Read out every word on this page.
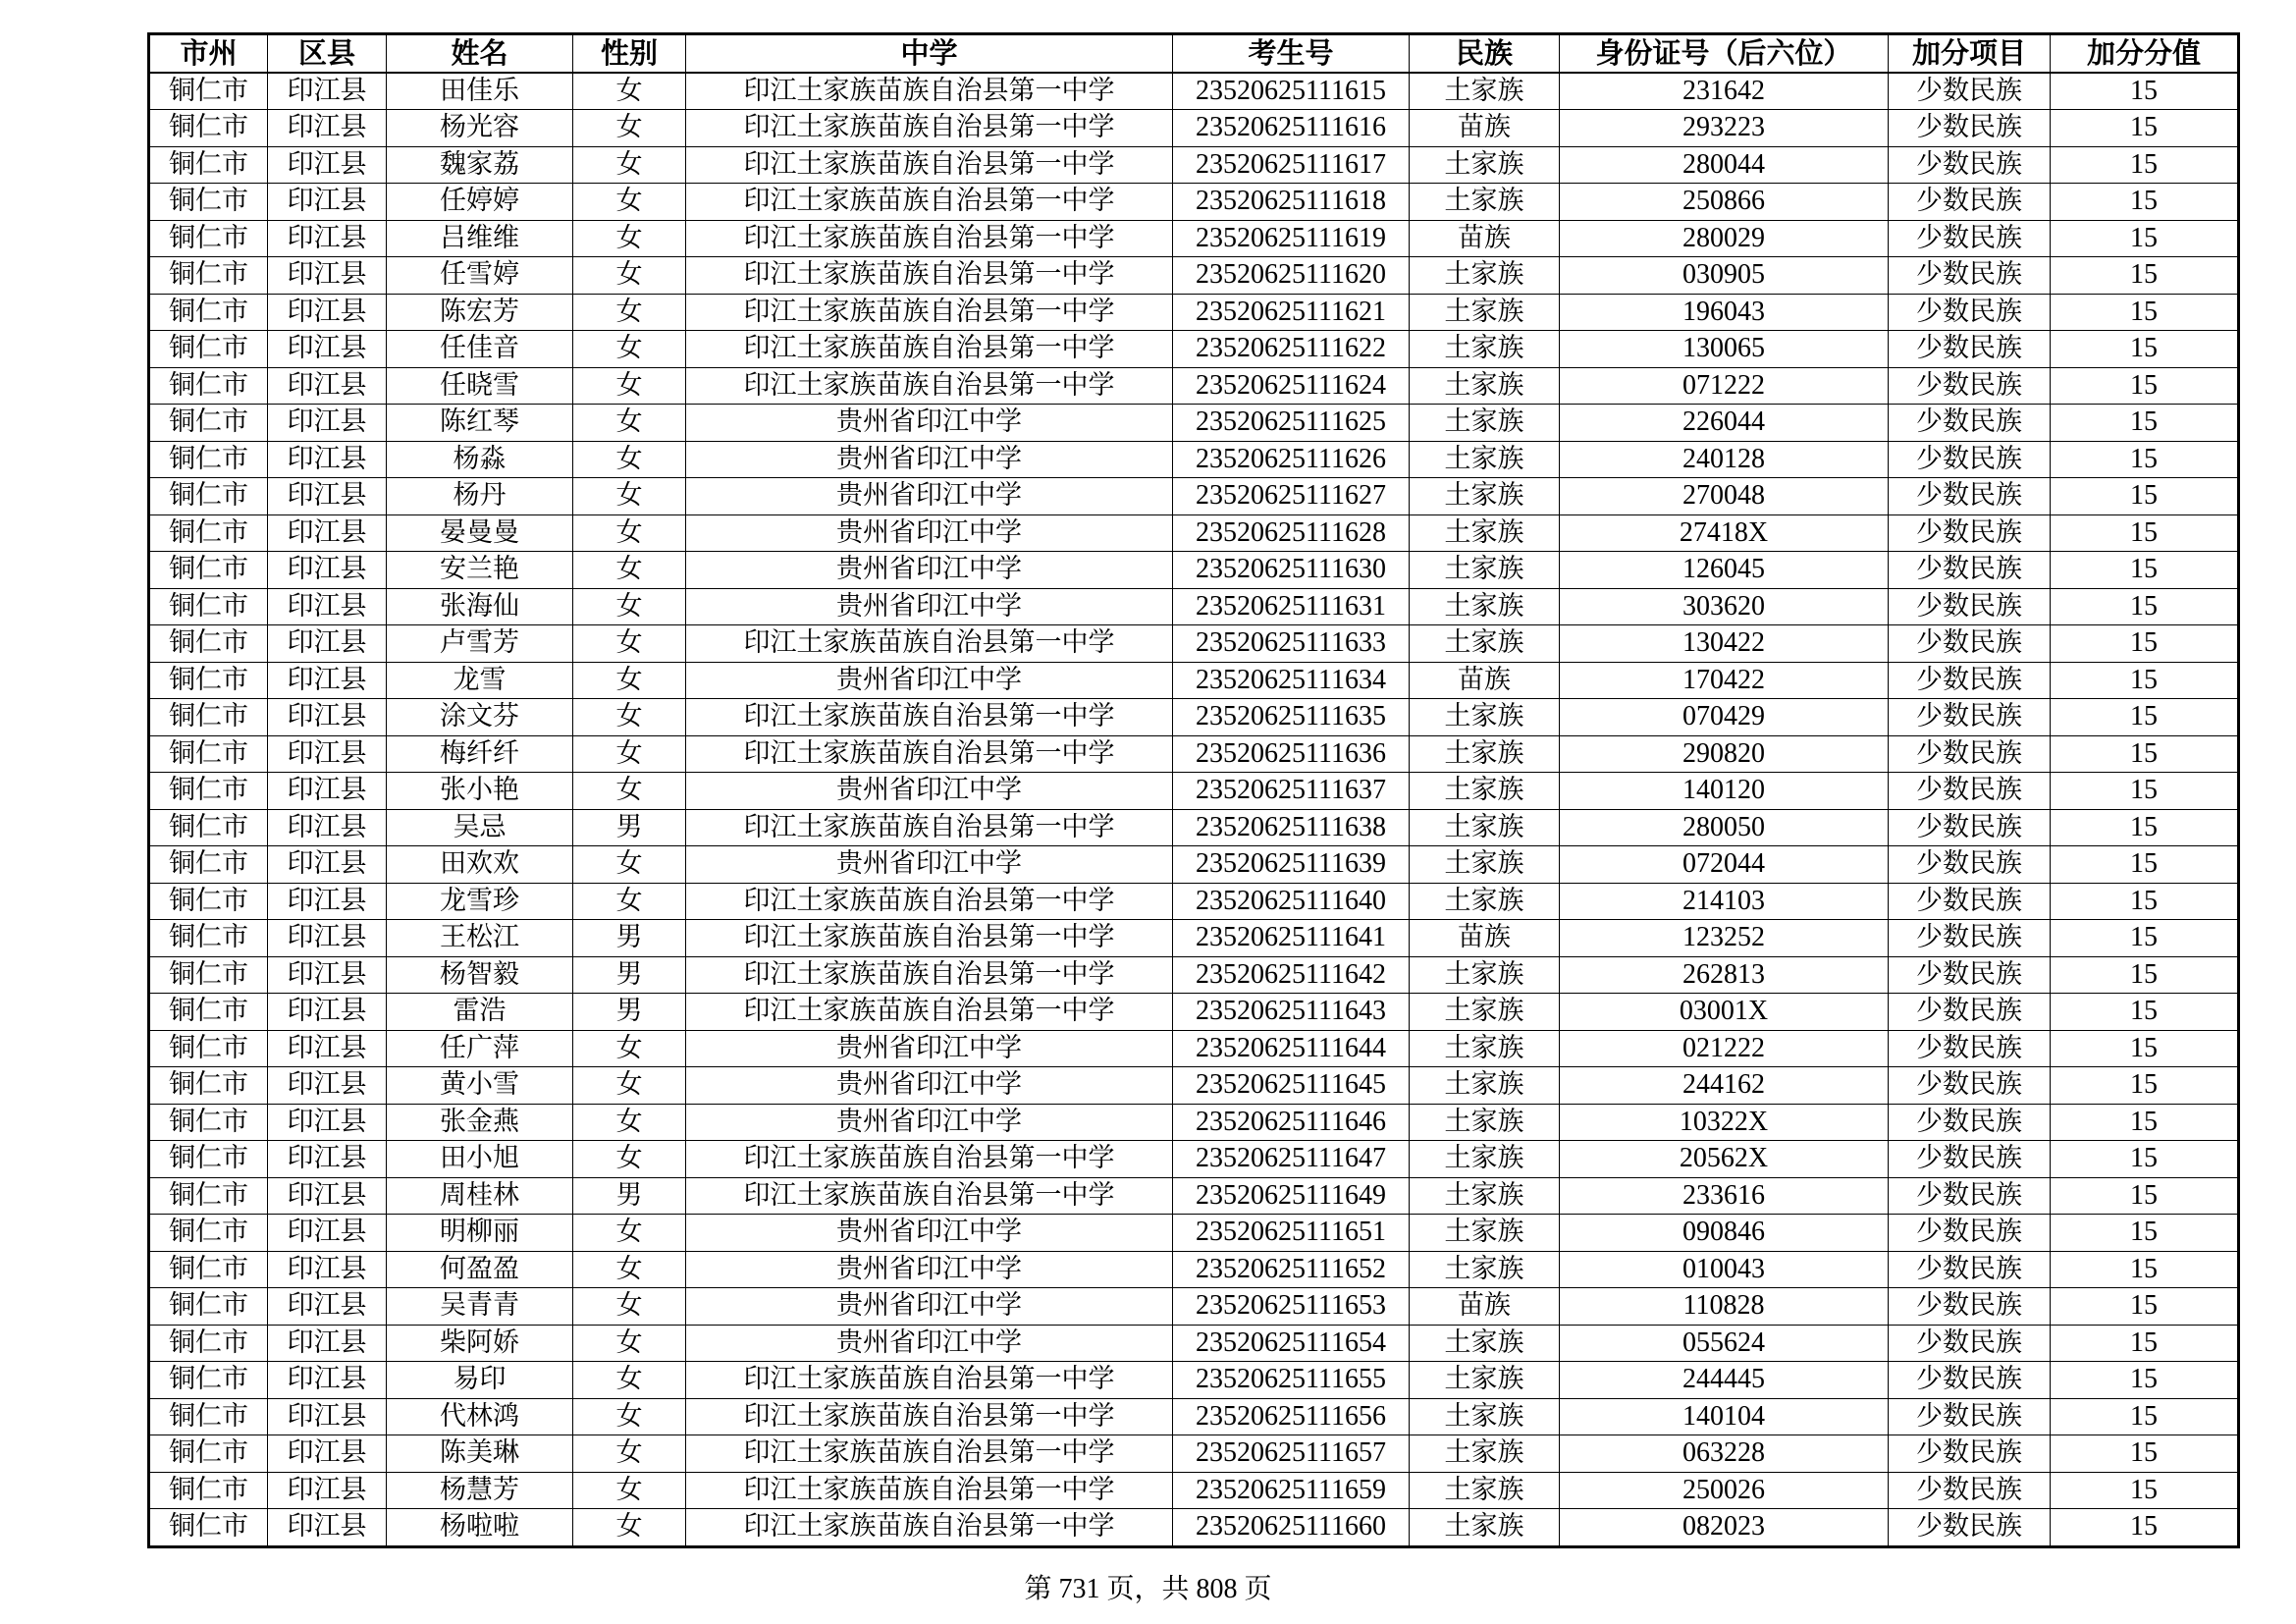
市州	区县	姓名	性别	中学	考生号	民族	身份证号（后六位）	加分项目	加分分值
铜仁市	印江县	田佳乐	女	印江土家族苗族自治县第一中学	23520625111615	土家族	231642	少数民族	15
铜仁市	印江县	杨光容	女	印江土家族苗族自治县第一中学	23520625111616	苗族	293223	少数民族	15
铜仁市	印江县	魏家荔	女	印江土家族苗族自治县第一中学	23520625111617	土家族	280044	少数民族	15
铜仁市	印江县	任婷婷	女	印江土家族苗族自治县第一中学	23520625111618	土家族	250866	少数民族	15
铜仁市	印江县	吕维维	女	印江土家族苗族自治县第一中学	23520625111619	苗族	280029	少数民族	15
铜仁市	印江县	任雪婷	女	印江土家族苗族自治县第一中学	23520625111620	土家族	030905	少数民族	15
铜仁市	印江县	陈宏芳	女	印江土家族苗族自治县第一中学	23520625111621	土家族	196043	少数民族	15
铜仁市	印江县	任佳音	女	印江土家族苗族自治县第一中学	23520625111622	土家族	130065	少数民族	15
铜仁市	印江县	任晓雪	女	印江土家族苗族自治县第一中学	23520625111624	土家族	071222	少数民族	15
铜仁市	印江县	陈红琴	女	贵州省印江中学	23520625111625	土家族	226044	少数民族	15
铜仁市	印江县	杨淼	女	贵州省印江中学	23520625111626	土家族	240128	少数民族	15
铜仁市	印江县	杨丹	女	贵州省印江中学	23520625111627	土家族	270048	少数民族	15
铜仁市	印江县	晏曼曼	女	贵州省印江中学	23520625111628	土家族	27418X	少数民族	15
铜仁市	印江县	安兰艳	女	贵州省印江中学	23520625111630	土家族	126045	少数民族	15
铜仁市	印江县	张海仙	女	贵州省印江中学	23520625111631	土家族	303620	少数民族	15
铜仁市	印江县	卢雪芳	女	印江土家族苗族自治县第一中学	23520625111633	土家族	130422	少数民族	15
铜仁市	印江县	龙雪	女	贵州省印江中学	23520625111634	苗族	170422	少数民族	15
铜仁市	印江县	涂文芬	女	印江土家族苗族自治县第一中学	23520625111635	土家族	070429	少数民族	15
铜仁市	印江县	梅纤纤	女	印江土家族苗族自治县第一中学	23520625111636	土家族	290820	少数民族	15
铜仁市	印江县	张小艳	女	贵州省印江中学	23520625111637	土家族	140120	少数民族	15
铜仁市	印江县	吴忌	男	印江土家族苗族自治县第一中学	23520625111638	土家族	280050	少数民族	15
铜仁市	印江县	田欢欢	女	贵州省印江中学	23520625111639	土家族	072044	少数民族	15
铜仁市	印江县	龙雪珍	女	印江土家族苗族自治县第一中学	23520625111640	土家族	214103	少数民族	15
铜仁市	印江县	王松江	男	印江土家族苗族自治县第一中学	23520625111641	苗族	123252	少数民族	15
铜仁市	印江县	杨智毅	男	印江土家族苗族自治县第一中学	23520625111642	土家族	262813	少数民族	15
铜仁市	印江县	雷浩	男	印江土家族苗族自治县第一中学	23520625111643	土家族	03001X	少数民族	15
铜仁市	印江县	任广萍	女	贵州省印江中学	23520625111644	土家族	021222	少数民族	15
铜仁市	印江县	黄小雪	女	贵州省印江中学	23520625111645	土家族	244162	少数民族	15
铜仁市	印江县	张金燕	女	贵州省印江中学	23520625111646	土家族	10322X	少数民族	15
铜仁市	印江县	田小旭	女	印江土家族苗族自治县第一中学	23520625111647	土家族	20562X	少数民族	15
铜仁市	印江县	周桂林	男	印江土家族苗族自治县第一中学	23520625111649	土家族	233616	少数民族	15
铜仁市	印江县	明柳丽	女	贵州省印江中学	23520625111651	土家族	090846	少数民族	15
铜仁市	印江县	何盈盈	女	贵州省印江中学	23520625111652	土家族	010043	少数民族	15
铜仁市	印江县	吴青青	女	贵州省印江中学	23520625111653	苗族	110828	少数民族	15
铜仁市	印江县	柴阿娇	女	贵州省印江中学	23520625111654	土家族	055624	少数民族	15
铜仁市	印江县	易印	女	印江土家族苗族自治县第一中学	23520625111655	土家族	244445	少数民族	15
铜仁市	印江县	代林鸿	女	印江土家族苗族自治县第一中学	23520625111656	土家族	140104	少数民族	15
铜仁市	印江县	陈美琳	女	印江土家族苗族自治县第一中学	23520625111657	土家族	063228	少数民族	15
铜仁市	印江县	杨慧芳	女	印江土家族苗族自治县第一中学	23520625111659	土家族	250026	少数民族	15
铜仁市	印江县	杨啦啦	女	印江土家族苗族自治县第一中学	23520625111660	土家族	082023	少数民族	15
第 731 页，共 808 页
